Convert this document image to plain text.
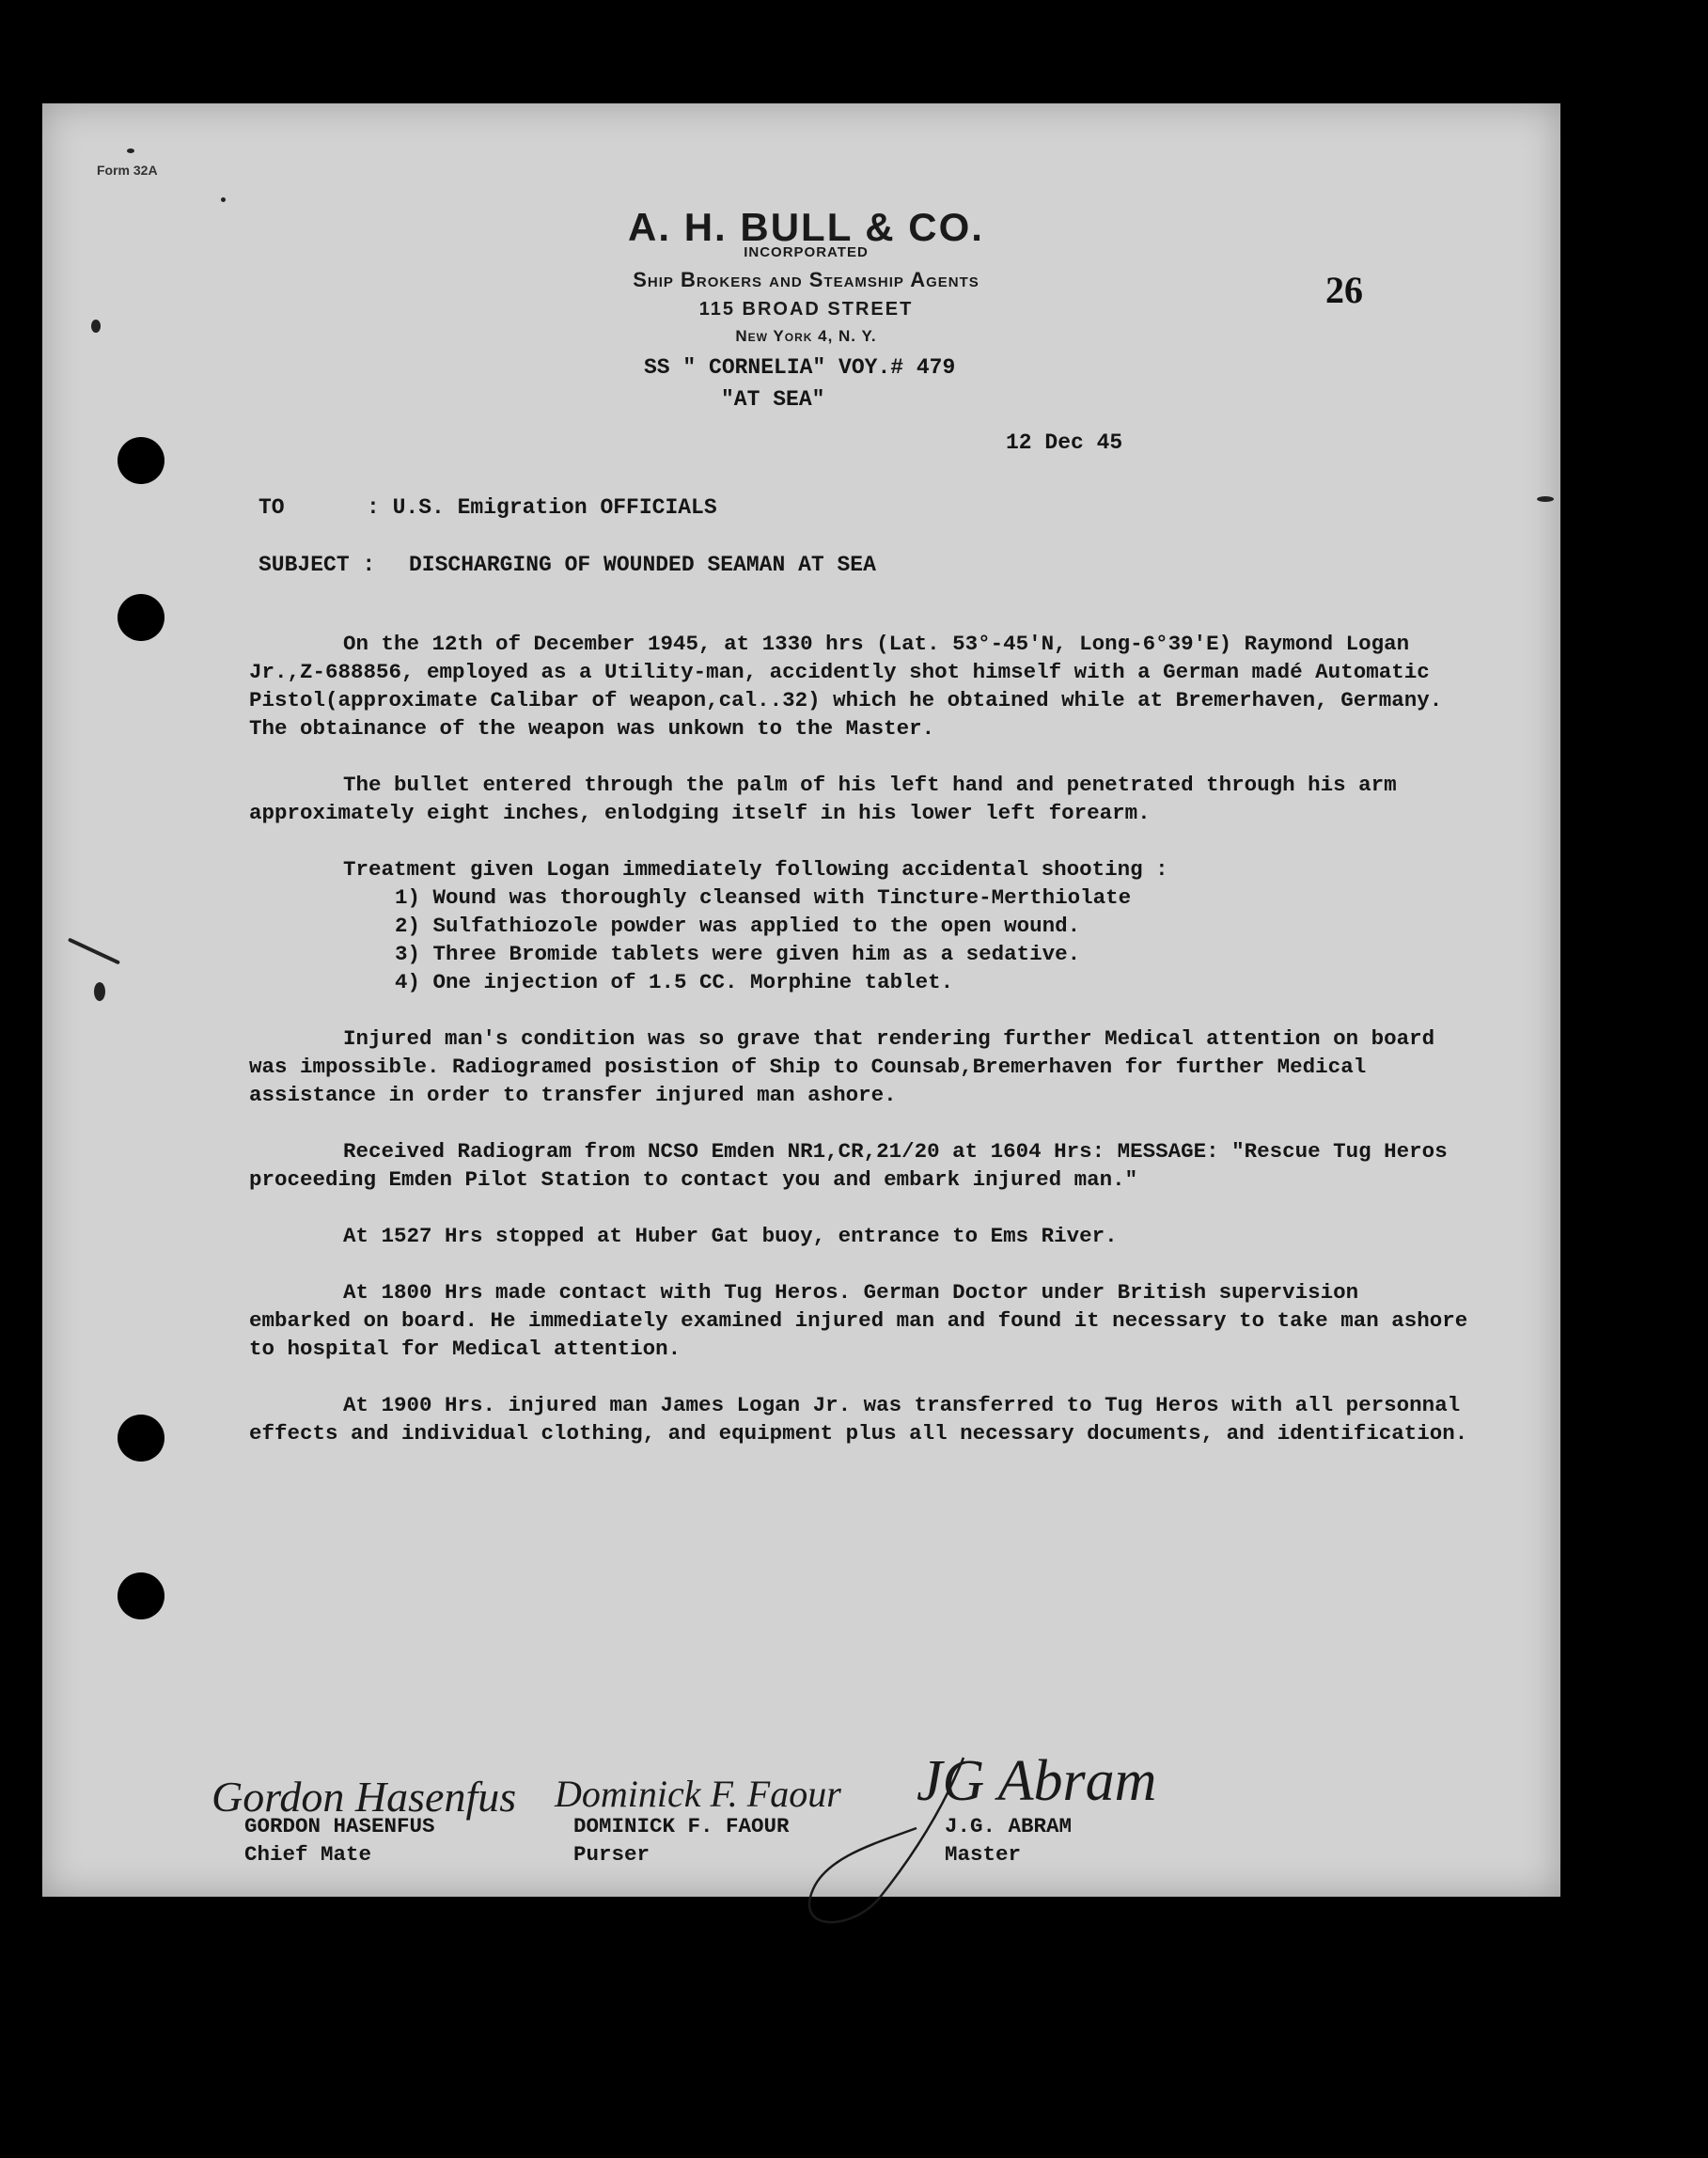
Form 32A
26
A. H. BULL & CO.
INCORPORATED
Ship Brokers and Steamship Agents
115 BROAD STREET
New York 4, N. Y.
SS " CORNELIA" VOY.# 479
"AT SEA"
12 Dec 45
TO	: U.S. Emigration OFFICIALS
SUBJECT : DISCHARGING OF WOUNDED SEAMAN AT SEA

On the 12th of December 1945, at 1330 hrs (Lat. 53°-45'N, Long-6°39'E) Raymond Logan Jr.,Z-688856, employed as a Utility-man, accidently shot himself with a German madé Automatic Pistol(approximate Calibar of weapon,cal..32) which he obtained while at Bremerhaven, Germany. The obtainance of the weapon was unkown to the Master.

The bullet entered through the palm of his left hand and penetrated through his arm approximately eight inches, enlodging itself in his lower left forearm.

Treatment given Logan immediately following accidental shooting :

1) Wound was thoroughly cleansed with Tincture-Merthiolate
2) Sulfathiozole powder was applied to the open wound.
3) Three Bromide tablets were given him as a sedative.
4) One injection of 1.5 CC. Morphine tablet.

Injured man's condition was so grave that rendering further Medical attention on board was impossible. Radiogramed posistion of Ship to Counsab,Bremerhaven for further Medical assistance in order to transfer injured man ashore.

Received Radiogram from NCSO Emden NR1,CR,21/20 at 1604 Hrs: MESSAGE: "Rescue Tug Heros proceeding Emden Pilot Station to contact you and embark injured man."

At 1527 Hrs stopped at Huber Gat buoy, entrance to Ems River.

At 1800 Hrs made contact with Tug Heros. German Doctor under British supervision embarked on board. He immediately examined injured man and found it necessary to take man ashore to hospital for Medical attention.

At 1900 Hrs. injured man James Logan Jr. was transferred to Tug Heros with all personnal effects and individual clothing, and equipment plus all necessary documents, and identification.

Gordon Hasenfus Dominick F. Faour JG Abram
GORDON HASENFUS
Chief Mate
DOMINICK F. FAOUR
Purser
J.G. ABRAM
Master
